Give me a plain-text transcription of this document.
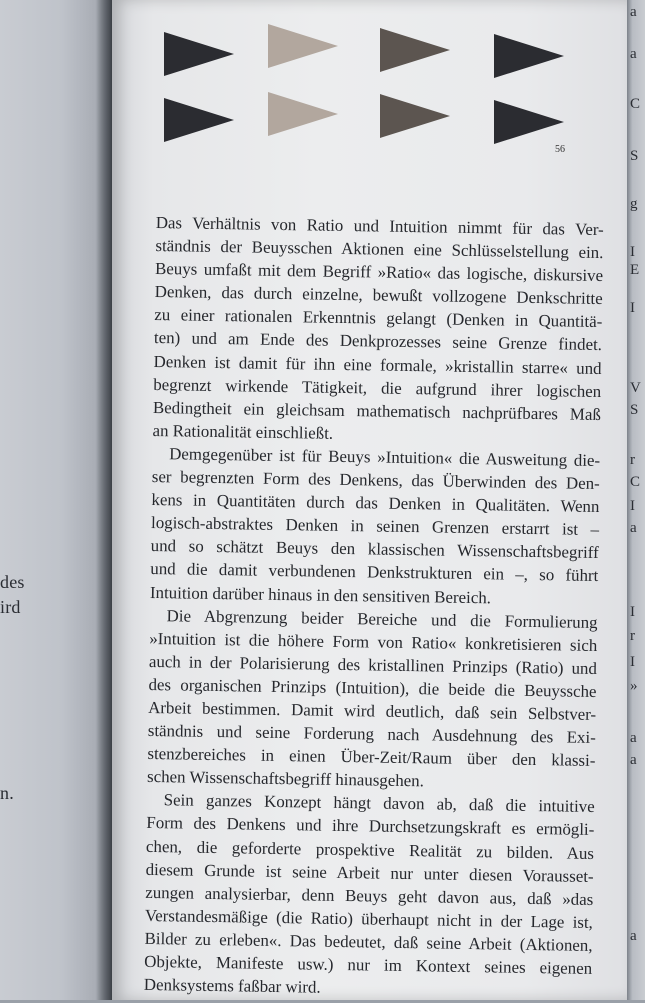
des
ird
n.
56
Das Verhältnis von Ratio und Intuition nimmt für das Ver-
ständnis der Beuysschen Aktionen eine Schlüsselstellung ein.
Beuys umfaßt mit dem Begriff »Ratio« das logische, diskursive
Denken, das durch einzelne, bewußt vollzogene Denkschritte
zu einer rationalen Erkenntnis gelangt (Denken in Quantitä-
ten) und am Ende des Denkprozesses seine Grenze findet.
Denken ist damit für ihn eine formale, »kristallin starre« und
begrenzt wirkende Tätigkeit, die aufgrund ihrer logischen
Bedingtheit ein gleichsam mathematisch nachprüfbares Maß
an Rationalität einschließt.
Demgegenüber ist für Beuys »Intuition« die Ausweitung die-
ser begrenzten Form des Denkens, das Überwinden des Den-
kens in Quantitäten durch das Denken in Qualitäten. Wenn
logisch-abstraktes Denken in seinen Grenzen erstarrt ist –
und so schätzt Beuys den klassischen Wissenschaftsbegriff
und die damit verbundenen Denkstrukturen ein –, so führt
Intuition darüber hinaus in den sensitiven Bereich.
Die Abgrenzung beider Bereiche und die Formulierung
»Intuition ist die höhere Form von Ratio« konkretisieren sich
auch in der Polarisierung des kristallinen Prinzips (Ratio) und
des organischen Prinzips (Intuition), die beide die Beuyssche
Arbeit bestimmen. Damit wird deutlich, daß sein Selbstver-
ständnis und seine Forderung nach Ausdehnung des Exi-
stenzbereiches in einen Über-Zeit/Raum über den klassi-
schen Wissenschaftsbegriff hinausgehen.
Sein ganzes Konzept hängt davon ab, daß die intuitive
Form des Denkens und ihre Durchsetzungskraft es ermögli-
chen, die geforderte prospektive Realität zu bilden. Aus
diesem Grunde ist seine Arbeit nur unter diesen Vorausset-
zungen analysierbar, denn Beuys geht davon aus, daß »das
Verstandesmäßige (die Ratio) überhaupt nicht in der Lage ist,
Bilder zu erleben«. Das bedeutet, daß seine Arbeit (Aktionen,
Objekte, Manifeste usw.) nur im Kontext seines eigenen
Denksystems faßbar wird.
a
a
C
S
g
I
E
I
V
S
r
C
I
a
I
r
I
»
a
a
a
